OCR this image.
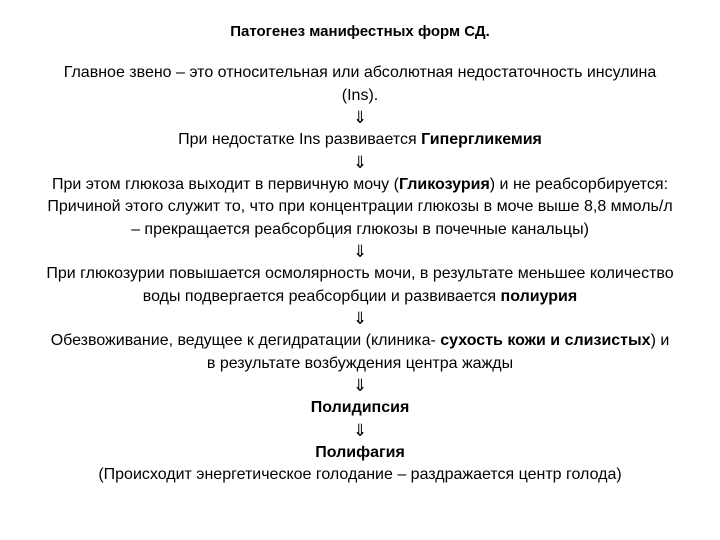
Патогенез манифестных форм СД.
Главное звено – это относительная или абсолютная недостаточность инсулина (Ins).
⇓
При недостатке Ins развивается Гипергликемия
⇓
При этом глюкоза выходит в первичную мочу (Гликозурия) и не реабсорбируется: Причиной этого служит то, что при концентрации глюкозы в моче выше 8,8 ммоль/л – прекращается реабсорбция глюкозы в почечные канальцы)
⇓
При глюкозурии повышается осмолярность мочи, в результате меньшее количество воды подвергается реабсорбции и развивается полиурия
⇓
Обезвоживание, ведущее к дегидратации (клиника- сухость кожи и слизистых) и в результате возбуждения центра жажды
⇓
Полидипсия
⇓
Полифагия
(Происходит энергетическое голодание – раздражается центр голода)
